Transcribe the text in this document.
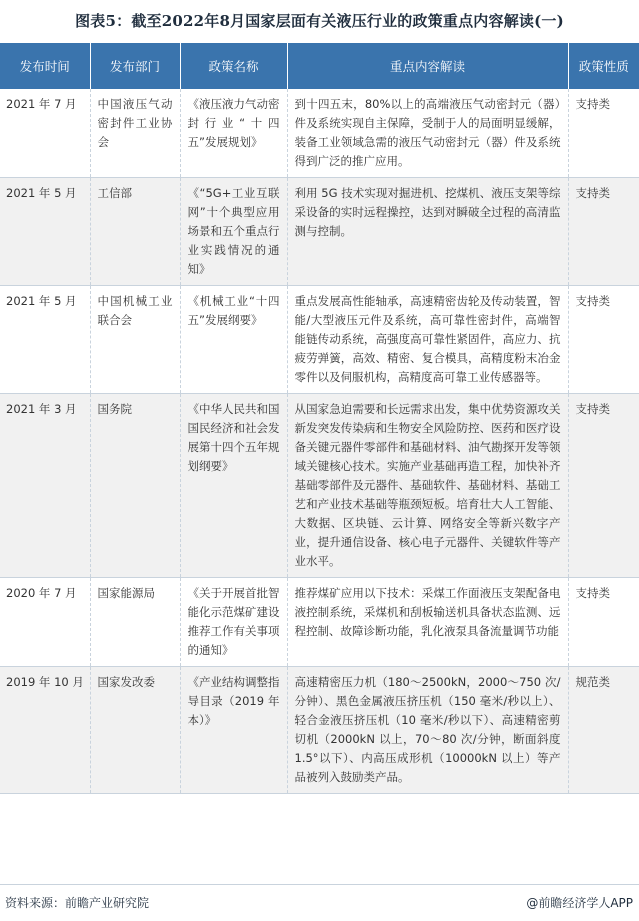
图表5：截至2022年8月国家层面有关液压行业的政策重点内容解读(一)
发布时间	发布部门	政策名称	重点内容解读	政策性质
2021 年 7 月	中国液压气动密封件工业协会	《液压液力气动密封行业“十四五”发展规划》	到十四五末，80%以上的高端液压气动密封元（器）件及系统实现自主保障，受制于人的局面明显缓解，装备工业领域急需的液压气动密封元（器）件及系统得到广泛的推广应用。	支持类
2021 年 5 月	工信部	《“5G+工业互联网”十个典型应用场景和五个重点行业实践情况的通知》	利用 5G 技术实现对掘进机、挖煤机、液压支架等综采设备的实时远程操控，达到对瞬破全过程的高清监测与控制。	支持类
2021 年 5 月	中国机械工业联合会	《机械工业“十四五”发展纲要》	重点发展高性能轴承，高速精密齿轮及传动装置，智能/大型液压元件及系统，高可靠性密封件，高端智能链传动系统，高强度高可靠性紧固件，高应力、抗疲劳弹簧，高效、精密、复合模具，高精度粉末冶金零件以及伺服机构，高精度高可靠工业传感器等。	支持类
2021 年 3 月	国务院	《中华人民共和国国民经济和社会发展第十四个五年规划纲要》	从国家急迫需要和长远需求出发，集中优势资源攻关新发突发传染病和生物安全风险防控、医药和医疗设备关键元器件零部件和基础材料、油气勘探开发等领域关键核心技术。实施产业基础再造工程，加快补齐基础零部件及元器件、基础软件、基础材料、基础工艺和产业技术基础等瓶颈短板。培育壮大人工智能、大数据、区块链、云计算、网络安全等新兴数字产业，提升通信设备、核心电子元器件、关键软件等产业水平。	支持类
2020 年 7 月	国家能源局	《关于开展首批智能化示范煤矿建设推荐工作有关事项的通知》	推荐煤矿应用以下技术：采煤工作面液压支架配备电液控制系统，采煤机和刮板输送机具备状态监测、远程控制、故障诊断功能，乳化液泵具备流量调节功能	支持类
2019 年 10 月	国家发改委	《产业结构调整指导目录（2019 年本）》	高速精密压力机（180～2500kN，2000～750 次/分钟）、黑色金属液压挤压机（150 毫米/秒以上）、轻合金液压挤压机（10 毫米/秒以下）、高速精密剪切机（2000kN 以上，70～80 次/分钟，断面斜度 1.5°以下）、内高压成形机（10000kN 以上）等产品被列入鼓励类产品。	规范类
资料来源：前瞻产业研究院	@前瞻经济学人APP
